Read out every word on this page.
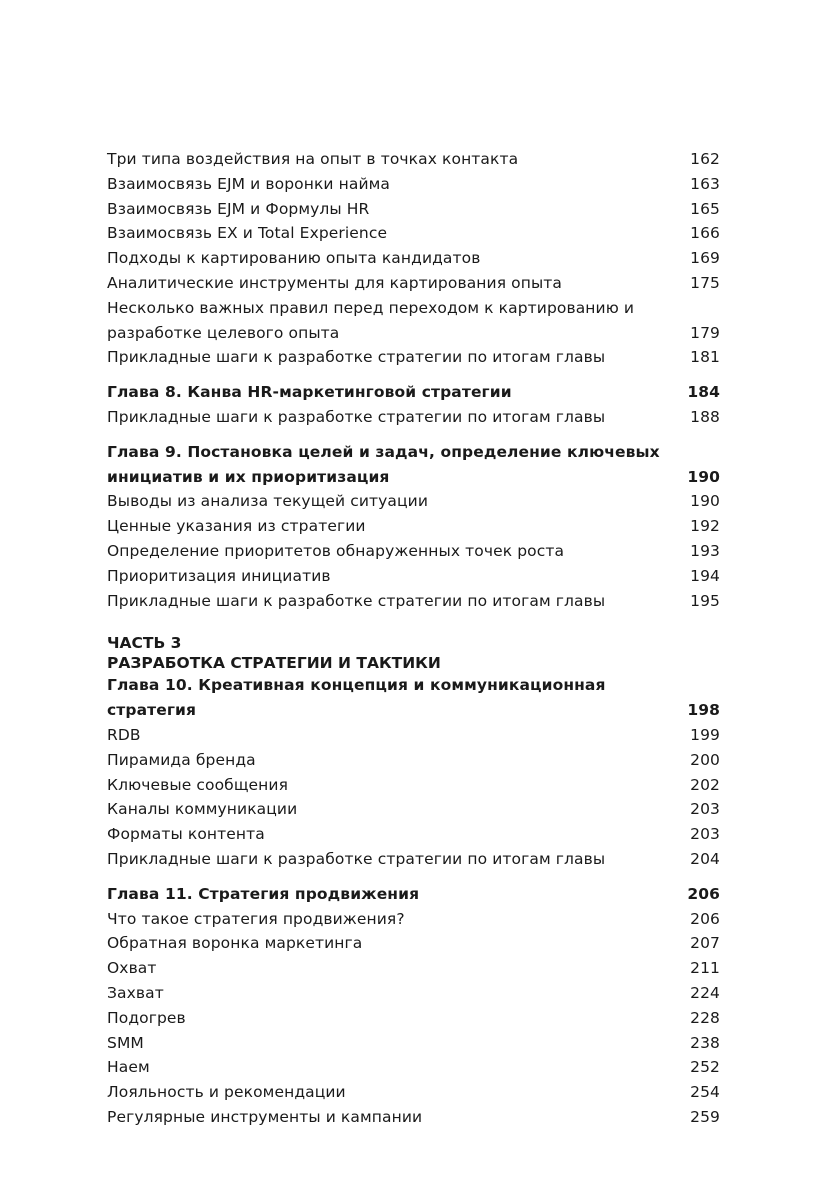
Три типа воздействия на опыт в точках контакта	162
Взаимосвязь EJM и воронки найма	163
Взаимосвязь EJM и Формулы HR	165
Взаимосвязь EX и Total Experience	166
Подходы к картированию опыта кандидатов	169
Аналитические инструменты для картирования опыта	175
Несколько важных правил перед переходом к картированию и разработке целевого опыта	179
Прикладные шаги к разработке стратегии по итогам главы	181
Глава 8. Канва HR-маркетинговой стратегии	184
Прикладные шаги к разработке стратегии по итогам главы	188
Глава 9. Постановка целей и задач, определение ключевых инициатив и их приоритизация	190
Выводы из анализа текущей ситуации	190
Ценные указания из стратегии	192
Определение приоритетов обнаруженных точек роста	193
Приоритизация инициатив	194
Прикладные шаги к разработке стратегии по итогам главы	195
ЧАСТЬ 3
РАЗРАБОТКА СТРАТЕГИИ И ТАКТИКИ
Глава 10. Креативная концепция и коммуникационная стратегия	198
RDB	199
Пирамида бренда	200
Ключевые сообщения	202
Каналы коммуникации	203
Форматы контента	203
Прикладные шаги к разработке стратегии по итогам главы	204
Глава 11. Стратегия продвижения	206
Что такое стратегия продвижения?	206
Обратная воронка маркетинга	207
Охват	211
Захват	224
Подогрев	228
SMM	238
Наем	252
Лояльность и рекомендации	254
Регулярные инструменты и кампании	259
